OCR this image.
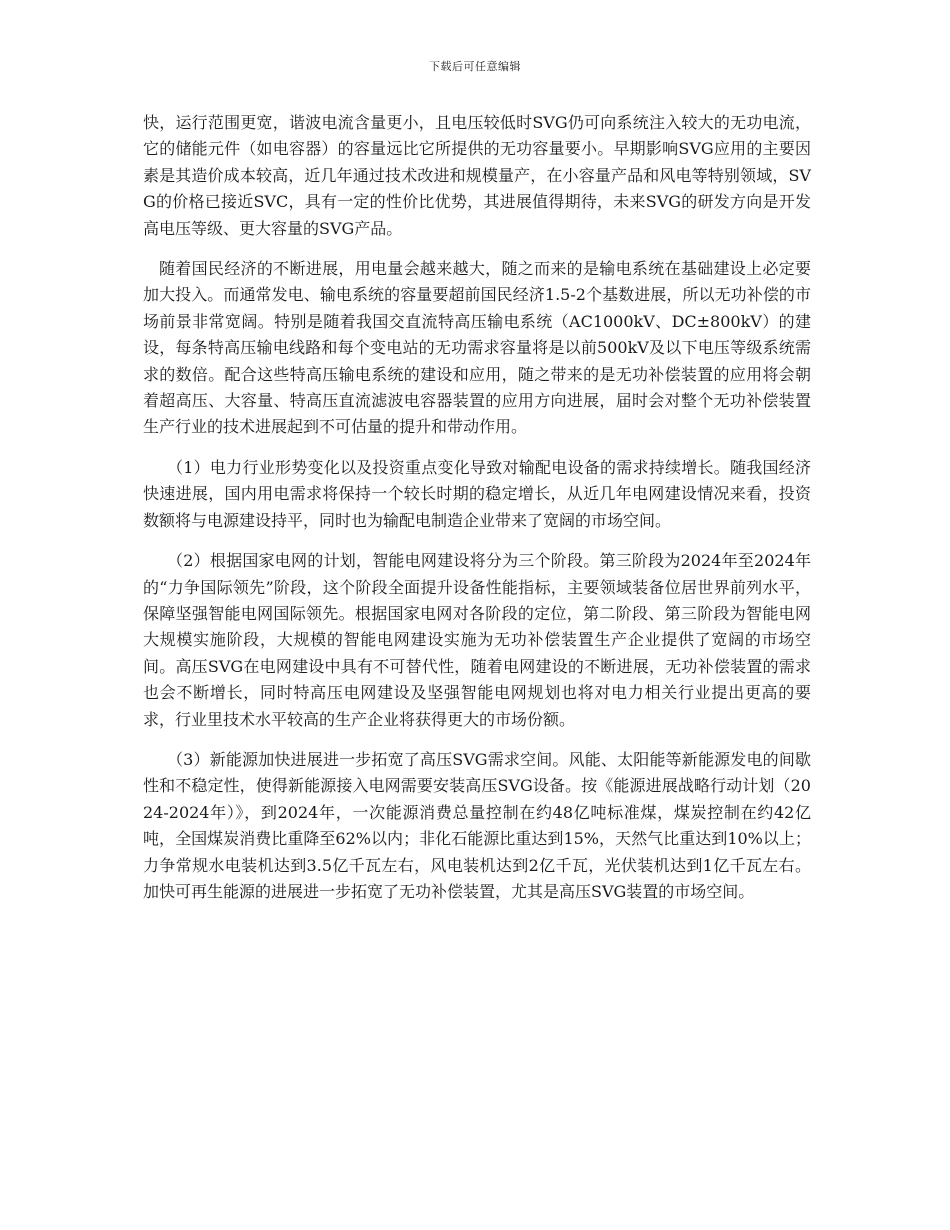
下载后可任意编辑

快，运行范围更宽，谐波电流含量更小，且电压较低时SVG仍可向系统注入较大的无功电流，它的储能元件（如电容器）的容量远比它所提供的无功容量要小。早期影响SVG应用的主要因素是其造价成本较高，近几年通过技术改进和规模量产，在小容量产品和风电等特别领域，SVG的价格已接近SVC，具有一定的性价比优势，其进展值得期待，未来SVG的研发方向是开发高电压等级、更大容量的SVG产品。

随着国民经济的不断进展，用电量会越来越大，随之而来的是输电系统在基础建设上必定要加大投入。而通常发电、输电系统的容量要超前国民经济1.5-2个基数进展，所以无功补偿的市场前景非常宽阔。特别是随着我国交直流特高压输电系统（AC1000kV、DC±800kV）的建设，每条特高压输电线路和每个变电站的无功需求容量将是以前500kV及以下电压等级系统需求的数倍。配合这些特高压输电系统的建设和应用，随之带来的是无功补偿装置的应用将会朝着超高压、大容量、特高压直流滤波电容器装置的应用方向进展，届时会对整个无功补偿装置生产行业的技术进展起到不可估量的提升和带动作用。

（1）电力行业形势变化以及投资重点变化导致对输配电设备的需求持续增长。随我国经济快速进展，国内用电需求将保持一个较长时期的稳定增长，从近几年电网建设情况来看，投资数额将与电源建设持平，同时也为输配电制造企业带来了宽阔的市场空间。

（2）根据国家电网的计划，智能电网建设将分为三个阶段。第三阶段为2024年至2024年的“力争国际领先”阶段，这个阶段全面提升设备性能指标，主要领域装备位居世界前列水平，保障坚强智能电网国际领先。根据国家电网对各阶段的定位，第二阶段、第三阶段为智能电网大规模实施阶段，大规模的智能电网建设实施为无功补偿装置生产企业提供了宽阔的市场空间。高压SVG在电网建设中具有不可替代性，随着电网建设的不断进展，无功补偿装置的需求也会不断增长，同时特高压电网建设及坚强智能电网规划也将对电力相关行业提出更高的要求，行业里技术水平较高的生产企业将获得更大的市场份额。

（3）新能源加快进展进一步拓宽了高压SVG需求空间。风能、太阳能等新能源发电的间歇性和不稳定性，使得新能源接入电网需要安装高压SVG设备。按《能源进展战略行动计划（2024-2024年）》，到2024年，一次能源消费总量控制在约48亿吨标准煤，煤炭控制在约42亿吨，全国煤炭消费比重降至62%以内；非化石能源比重达到15%，天然气比重达到10%以上；力争常规水电装机达到3.5亿千瓦左右，风电装机达到2亿千瓦，光伏装机达到1亿千瓦左右。加快可再生能源的进展进一步拓宽了无功补偿装置，尤其是高压SVG装置的市场空间。
